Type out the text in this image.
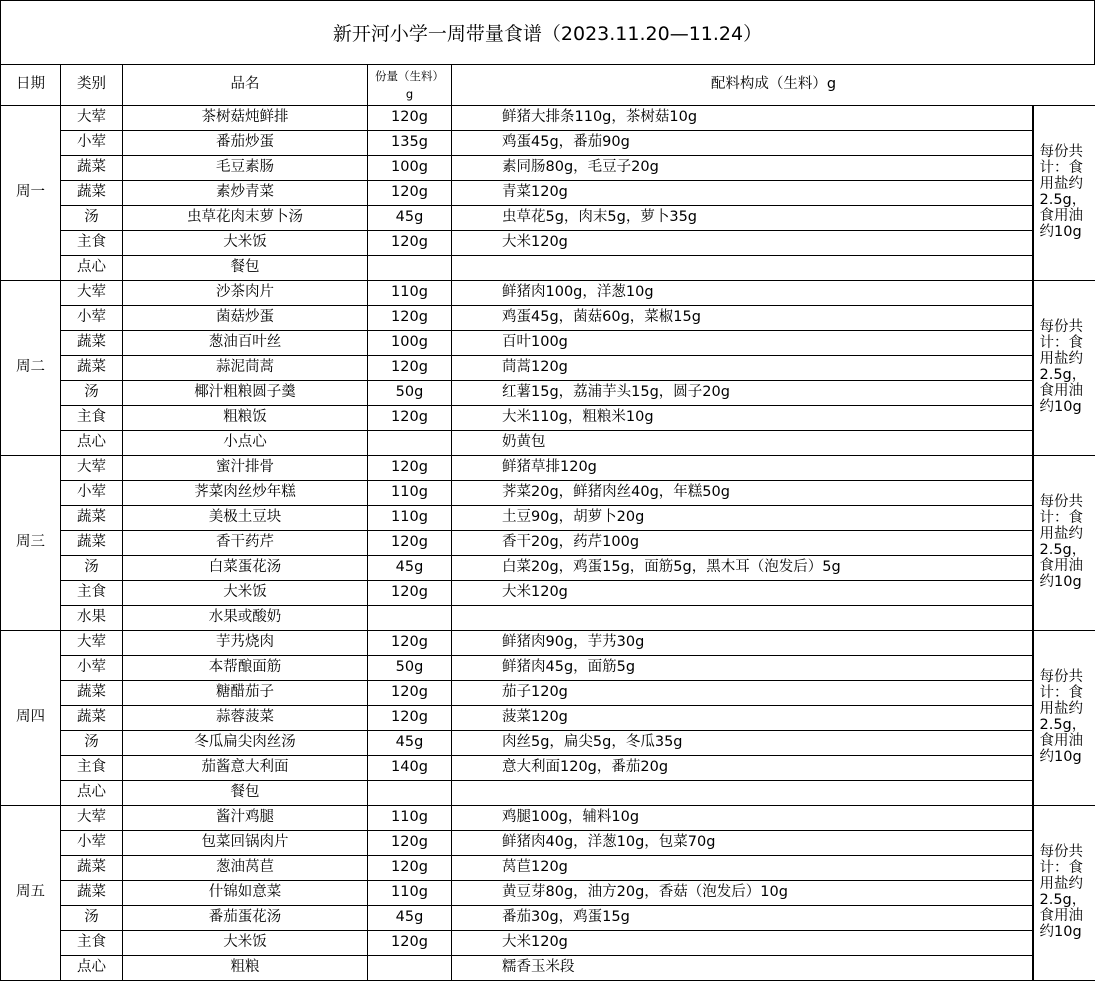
新开河小学一周带量食谱（2023.11.20—11.24）
日期	类别	品名	份量（生料）
g	配料构成（生料）g	
周一	大荤	茶树菇炖鲜排	120g	鲜猪大排条110g，茶树菇10g	每份共计：食用盐约2.5g，食用油约10g
	小荤	番茄炒蛋	135g	鸡蛋45g，番茄90g	
	蔬菜	毛豆素肠	100g	素同肠80g，毛豆子20g	
	蔬菜	素炒青菜	120g	青菜120g	
	汤	虫草花肉末萝卜汤	45g	虫草花5g，肉末5g，萝卜35g	
	主食	大米饭	120g	大米120g	
	点心	餐包			
周二	大荤	沙茶肉片	110g	鲜猪肉100g，洋葱10g	每份共计：食用盐约2.5g，食用油约10g
	小荤	菌菇炒蛋	120g	鸡蛋45g，菌菇60g，菜椒15g	
	蔬菜	葱油百叶丝	100g	百叶100g	
	蔬菜	蒜泥茼蒿	120g	茼蒿120g	
	汤	椰汁粗粮圆子羹	50g	红薯15g，荔浦芋头15g，圆子20g	
	主食	粗粮饭	120g	大米110g，粗粮米10g	
	点心	小点心		奶黄包	
周三	大荤	蜜汁排骨	120g	鲜猪草排120g	每份共计：食用盐约2.5g，食用油约10g
	小荤	荠菜肉丝炒年糕	110g	荠菜20g，鲜猪肉丝40g，年糕50g	
	蔬菜	美极土豆块	110g	土豆90g，胡萝卜20g	
	蔬菜	香干药芹	120g	香干20g，药芹100g	
	汤	白菜蛋花汤	45g	白菜20g，鸡蛋15g，面筋5g，黑木耳（泡发后）5g	
	主食	大米饭	120g	大米120g	
	水果	水果或酸奶			
周四	大荤	芋艿烧肉	120g	鲜猪肉90g，芋艿30g	每份共计：食用盐约2.5g，食用油约10g
	小荤	本帮酿面筋	50g	鲜猪肉45g，面筋5g	
	蔬菜	糖醋茄子	120g	茄子120g	
	蔬菜	蒜蓉菠菜	120g	菠菜120g	
	汤	冬瓜扁尖肉丝汤	45g	肉丝5g，扁尖5g，冬瓜35g	
	主食	茄酱意大利面	140g	意大利面120g，番茄20g	
	点心	餐包			
周五	大荤	酱汁鸡腿	110g	鸡腿100g，辅料10g	每份共计：食用盐约2.5g，食用油约10g
	小荤	包菜回锅肉片	120g	鲜猪肉40g，洋葱10g，包菜70g	
	蔬菜	葱油莴苣	120g	莴苣120g	
	蔬菜	什锦如意菜	110g	黄豆芽80g，油方20g，香菇（泡发后）10g	
	汤	番茄蛋花汤	45g	番茄30g，鸡蛋15g	
	主食	大米饭	120g	大米120g	
	点心	粗粮		糯香玉米段	
